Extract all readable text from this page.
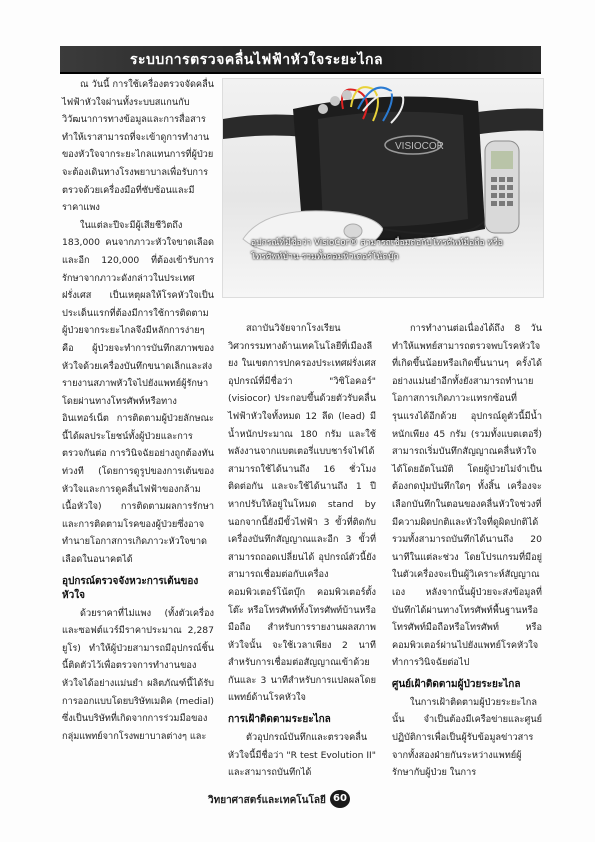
ระบบการตรวจคลื่นไฟฟ้าหัวใจระยะไกล

ณ วันนี้ การใช้เครื่องตรวจจัดคลื่นไฟฟ้าหัวใจผ่านทั้งระบบสแกนกับวิวัฒนาการทางข้อมูลและการสื่อสารทำให้เราสามารถที่จะเข้าดูการทำงานของหัวใจจากระยะไกลแทนการที่ผู้ป่วยจะต้องเดินทางโรงพยาบาลเพื่อรับการตรวจด้วยเครื่องมือที่ซับซ้อนและมีราคาแพง

ในแต่ละปีจะมีผู้เสียชีวิตถึง 183,000 คนจากภาวะหัวใจขาดเลือด และอีก 120,000 ที่ต้องเข้ารับการรักษาจากภาวะดังกล่าวในประเทศฝรั่งเศส เป็นเหตุผลให้โรคหัวใจเป็นประเด็นแรกที่ต้องมีการใช้การติดตามผู้ป่วยจากระยะไกลจึงมีหลักการง่ายๆ คือ ผู้ป่วยจะทำการบันทึกสภาพของหัวใจด้วยเครื่องบันทึกขนาดเล็กและส่งรายงานสภาพหัวใจไปยังแพทย์ผู้รักษาโดยผ่านทางโทรศัพท์หรือทางอินเทอร์เน็ต การติดตามผู้ป่วยลักษณะนี้ได้ผลประโยชน์ทั้งผู้ป่วยและการตรวจกันต่อ การวินิจฉัยอย่างถูกต้องทันท่วงที (โดยการดูรูปของการเต้นของหัวใจและการดูคลื่นไฟฟ้าของกล้ามเนื้อหัวใจ) การติดตามผลการรักษาและการติดตามโรคของผู้ป่วยซึ่งอาจทำนายโอกาสการเกิดภาวะหัวใจขาดเลือดในอนาคตได้

อุปกรณ์ตรวจจังหวะการเต้นของหัวใจ

ด้วยราคาที่ไม่แพง (ทั้งตัวเครื่องและซอฟต์แวร์มีราคาประมาณ 2,287 ยูโร) ทำให้ผู้ป่วยสามารถมีอุปกรณ์ชิ้นนี้ติดตัวไว้เพื่อตรวจการทำงานของหัวใจได้อย่างแม่นยำ ผลิตภัณฑ์นี้ได้รับการออกแบบโดยบริษัทเมดิค (medial) ซึ่งเป็นบริษัทที่เกิดจากการร่วมมือของกลุ่มแพทย์จากโรงพยาบาลต่างๆ และ

VISIOCOR
อุปกรณ์ที่มีชื่อว่า VisioCor® สามารถเชื่อมต่อกับโทรศัพท์มือถือ หรือโทรศัพท์บ้าน รวมทั้งคอมพิวเตอร์โน้ตบุ๊ก

สถาบันวิจัยจากโรงเรียนวิศวกรรมทางด้านเทคโนโลยีที่เมืองลียง ในเขตการปกครองประเทศฝรั่งเศส อุปกรณ์ที่มีชื่อว่า "วิซิโอคอร์" (visiocor) ประกอบขึ้นด้วยตัวรับคลื่นไฟฟ้าหัวใจทั้งหมด 12 ลีด (lead) มีน้ำหนักประมาณ 180 กรัม และใช้พลังงานจากแบตเตอรี่แบบชาร์จไฟได้สามารถใช้ได้นานถึง 16 ชั่วโมงติดต่อกัน และจะใช้ได้นานถึง 1 ปีหากปรับให้อยู่ในโหมด stand by นอกจากนี้ยังมีขั้วไฟฟ้า 3 ขั้วที่ติดกับเครื่องบันทึกสัญญาณและอีก 3 ขั้วที่สามารถถอดเปลี่ยนได้ อุปกรณ์ตัวนี้ยังสามารถเชื่อมต่อกับเครื่องคอมพิวเตอร์โน้ตบุ๊ก คอมพิวเตอร์ตั้งโต๊ะ หรือโทรศัพท์ทั้งโทรศัพท์บ้านหรือมือถือ สำหรับการรายงานผลสภาพหัวใจนั้น จะใช้เวลาเพียง 2 นาทีสำหรับการเชื่อมต่อสัญญาณเข้าด้วยกันและ 3 นาทีสำหรับการแปลผลโดยแพทย์ด้านโรคหัวใจ

การเฝ้าติดตามระยะไกล

ตัวอุปกรณ์บันทึกและตรวจคลื่นหัวใจนี้มีชื่อว่า "R test Evolution II" และสามารถบันทึกได้

การทำงานต่อเนื่องได้ถึง 8 วันทำให้แพทย์สามารถตรวจพบโรคหัวใจที่เกิดขึ้นน้อยหรือเกิดขึ้นนานๆ ครั้งได้อย่างแม่นยำอีกทั้งยังสามารถทำนายโอกาสการเกิดภาวะแทรกซ้อนที่รุนแรงได้อีกด้วย อุปกรณ์ดูตัวนี้มีน้ำหนักเพียง 45 กรัม (รวมทั้งแบตเตอรี่) สามารถเริ่มบันทึกสัญญาณคลื่นหัวใจได้โดยอัตโนมัติ โดยผู้ป่วยไม่จำเป็นต้องกดปุ่มบันทึกใดๆ ทั้งสิ้น เครื่องจะเลือกบันทึกในตอนของคลื่นหัวใจช่วงที่มีความผิดปกติและหัวใจที่ดูผิดปกติได้รวมทั้งสามารถบันทึกได้นานถึง 20 นาทีในแต่ละช่วง โดยโปรแกรมที่มีอยู่ในตัวเครื่องจะเป็นผู้วิเคราะห์สัญญาณเอง หลังจากนั้นผู้ป่วยจะส่งข้อมูลที่บันทึกได้ผ่านทางโทรศัพท์พื้นฐานหรือโทรศัพท์มือถือหรือโทรศัพท์ หรือคอมพิวเตอร์ผ่านไปยังแพทย์โรคหัวใจทำการวินิจฉัยต่อไป

ศูนย์เฝ้าติดตามผู้ป่วยระยะไกล

ในการเฝ้าติดตามผู้ป่วยระยะไกลนั้น จำเป็นต้องมีเครือข่ายและศูนย์ปฏิบัติการเพื่อเป็นผู้รับข้อมูลข่าวสารจากทั้งสองฝ่ายกันระหว่างแพทย์ผู้รักษากับผู้ป่วย ในการ

วิทยาศาสตร์และเทคโนโลยี 60
